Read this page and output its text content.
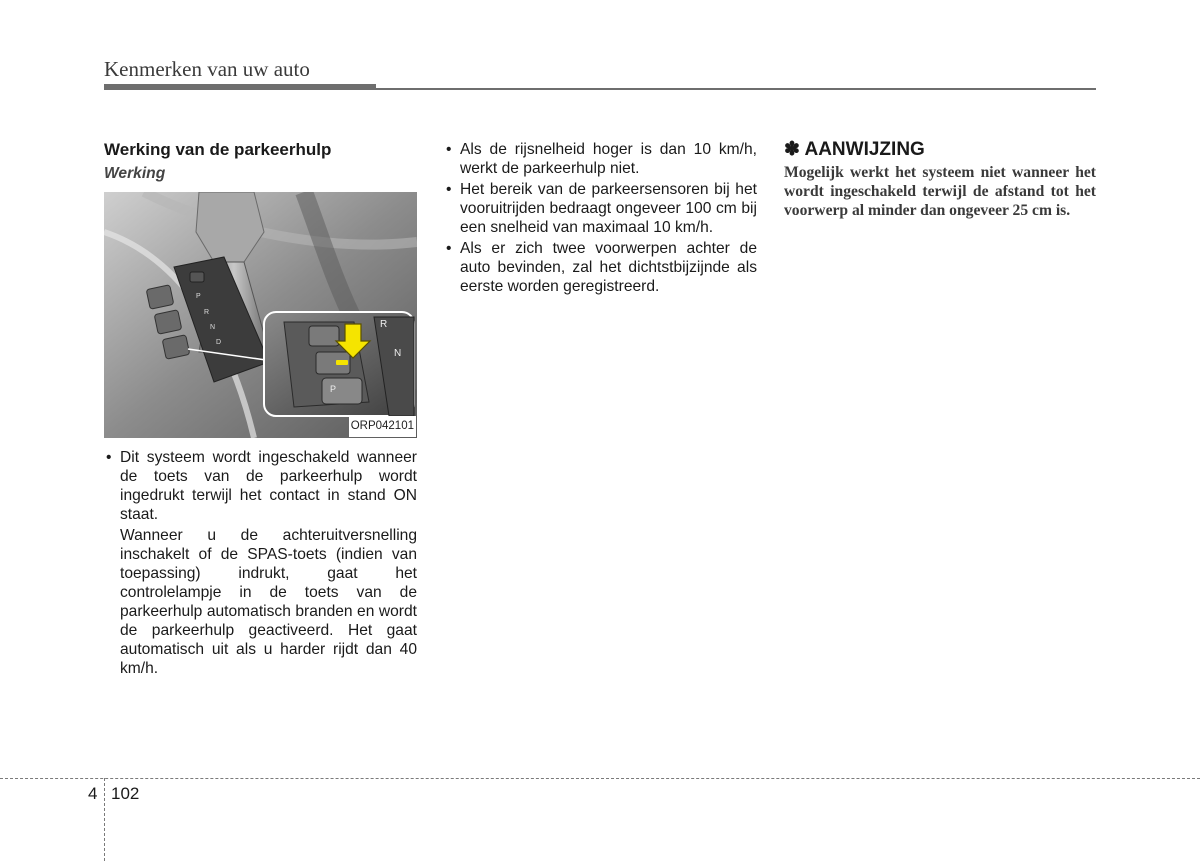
Kenmerken van uw auto
Werking van de parkeerhulp
Werking
P
R
N
D
P
R
N
ORP042101

• Dit systeem wordt ingeschakeld wanneer de toets van de parkeerhulp wordt ingedrukt terwijl het contact in stand ON staat.

Wanneer u de achteruitversnelling inschakelt of de SPAS-toets (indien van toepassing) indrukt, gaat het controlelampje in de toets van de parkeerhulp automatisch branden en wordt de parkeerhulp geactiveerd. Het gaat automatisch uit als u harder rijdt dan 40 km/h.

• Als de rijsnelheid hoger is dan 10 km/h, werkt de parkeerhulp niet.
• Het bereik van de parkeersensoren bij het vooruitrijden bedraagt ongeveer 100 cm bij een snelheid van maximaal 10 km/h.
• Als er zich twee voorwerpen achter de auto bevinden, zal het dichtstbijzijnde als eerste worden geregistreerd.
✽ AANWIJZING

Mogelijk werkt het systeem niet wanneer het wordt ingeschakeld terwijl de afstand tot het voorwerp al minder dan ongeveer 25 cm is.

4 102
